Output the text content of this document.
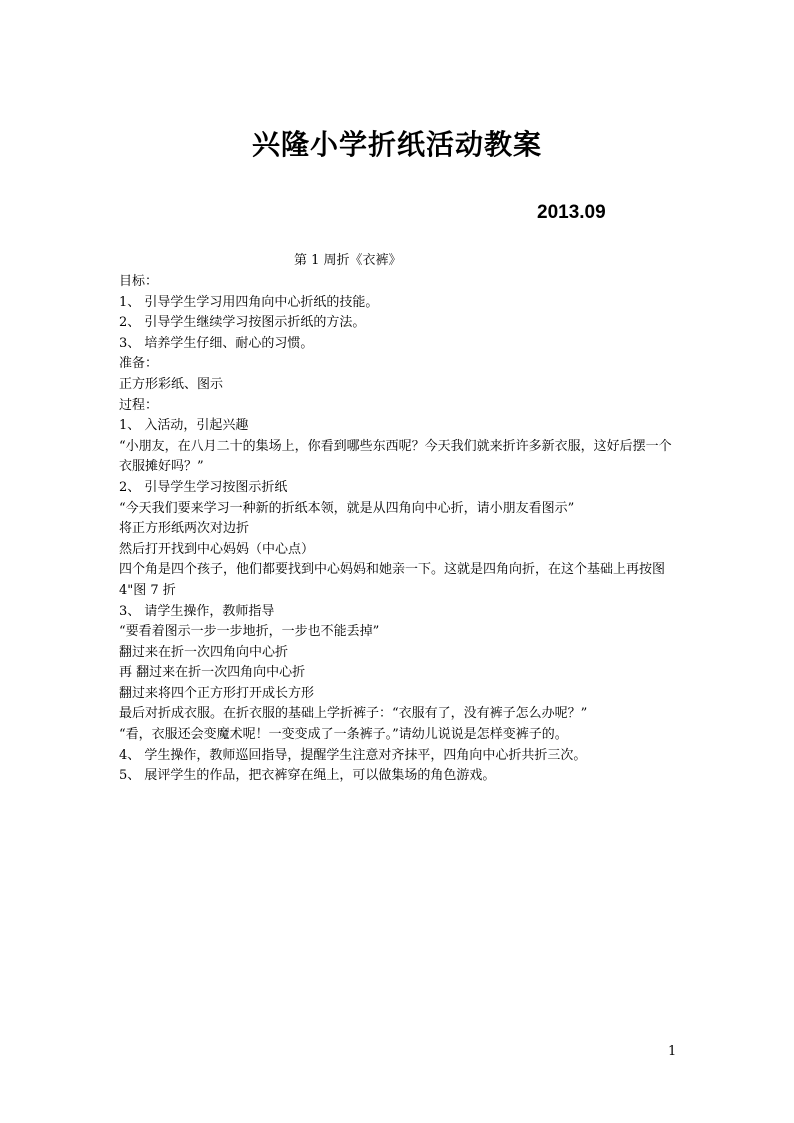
兴隆小学折纸活动教案
2013.09
第 1 周折《衣裤》

目标：

1、 引导学生学习用四角向中心折纸的技能。

2、 引导学生继续学习按图示折纸的方法。

3、 培养学生仔细、耐心的习惯。

准备：

正方形彩纸、图示

过程：

1、 入活动，引起兴趣

“小朋友，在八月二十的集场上，你看到哪些东西呢？今天我们就来折许多新衣服，这好后摆一个衣服摊好吗？”

2、 引导学生学习按图示折纸

“今天我们要来学习一种新的折纸本领，就是从四角向中心折，请小朋友看图示”

将正方形纸两次对边折

然后打开找到中心妈妈（中心点）

四个角是四个孩子，他们都要找到中心妈妈和她亲一下。这就是四角向折，在这个基础上再按图 4"图 7 折

3、 请学生操作，教师指导

“要看着图示一步一步地折，一步也不能丢掉”

翻过来在折一次四角向中心折

再 翻过来在折一次四角向中心折

翻过来将四个正方形打开成长方形

最后对折成衣服。在折衣服的基础上学折裤子：“衣服有了，没有裤子怎么办呢？”

“看，衣服还会变魔术呢！一变变成了一条裤子。”请幼儿说说是怎样变裤子的。

4、 学生操作，教师巡回指导，提醒学生注意对齐抹平，四角向中心折共折三次。

5、 展评学生的作品，把衣裤穿在绳上，可以做集场的角色游戏。

1
